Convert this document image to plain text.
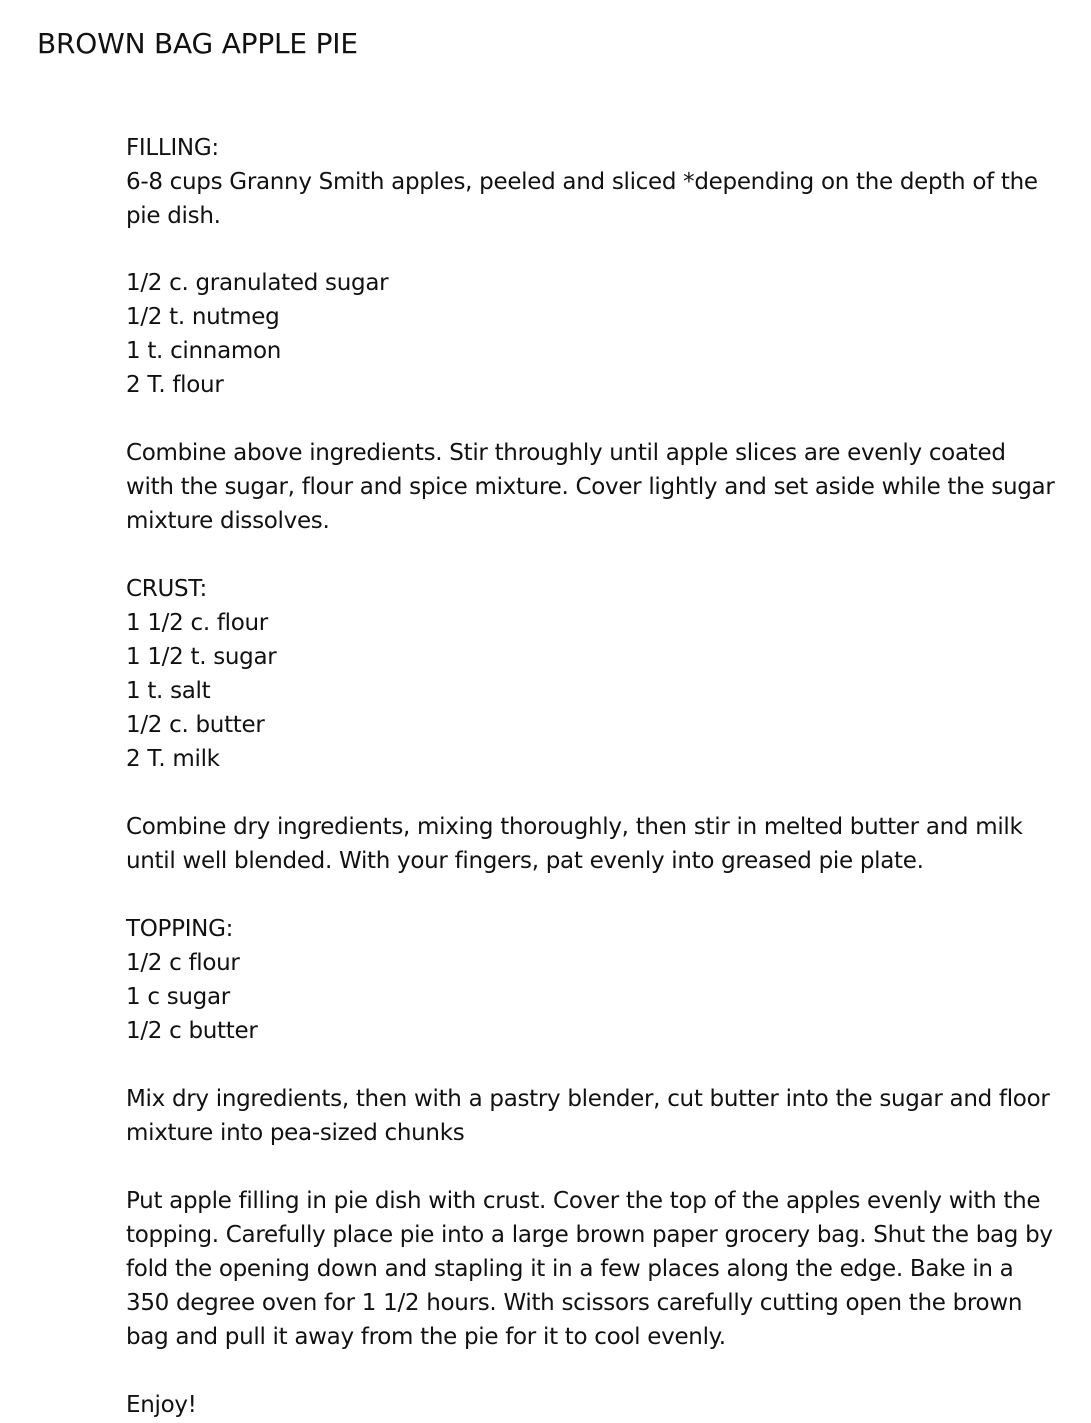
BROWN BAG APPLE PIE

FILLING:

6-8 cups Granny Smith apples, peeled and sliced *depending on the depth of the pie dish.

1/2 c. granulated sugar

1/2 t. nutmeg

1 t. cinnamon

2 T. flour

Combine above ingredients. Stir throughly until apple slices are evenly coated with the sugar, flour and spice mixture. Cover lightly and set aside while the sugar mixture dissolves.

CRUST:

1 1/2 c. flour

1 1/2 t. sugar

1 t. salt

1/2 c. butter

2 T. milk

Combine dry ingredients, mixing thoroughly, then stir in melted butter and milk until well blended. With your fingers, pat evenly into greased pie plate.

TOPPING:

1/2 c flour

1 c sugar

1/2 c butter

Mix dry ingredients, then with a pastry blender, cut butter into the sugar and floor mixture into pea-sized chunks

Put apple filling in pie dish with crust. Cover the top of the apples evenly with the topping. Carefully place pie into a large brown paper grocery bag. Shut the bag by fold the opening down and stapling it in a few places along the edge. Bake in a 350 degree oven for 1 1/2 hours. With scissors carefully cutting open the brown bag and pull it away from the pie for it to cool evenly.

Enjoy!
